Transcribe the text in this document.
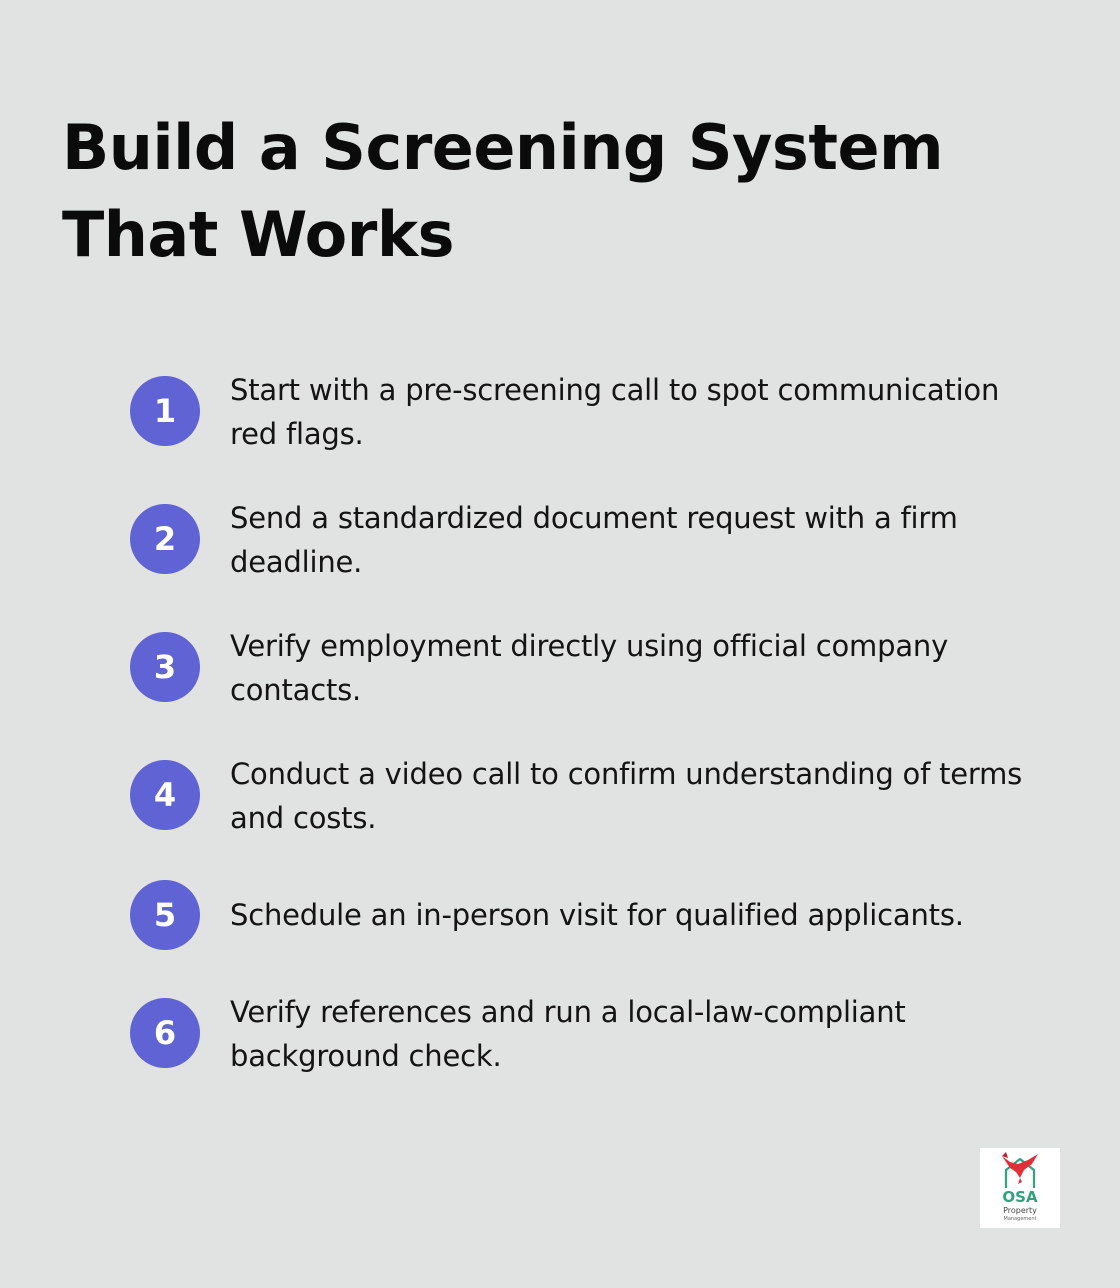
Build a Screening System That Works
1
Start with a pre-screening call to spot communication red flags.
2
Send a standardized document request with a firm deadline.
3
Verify employment directly using official company contacts.
4
Conduct a video call to confirm understanding of terms and costs.
5	Schedule an in-person visit for qualified applicants.
6
Verify references and run a local-law-compliant background check.
OSA
Property
Management
